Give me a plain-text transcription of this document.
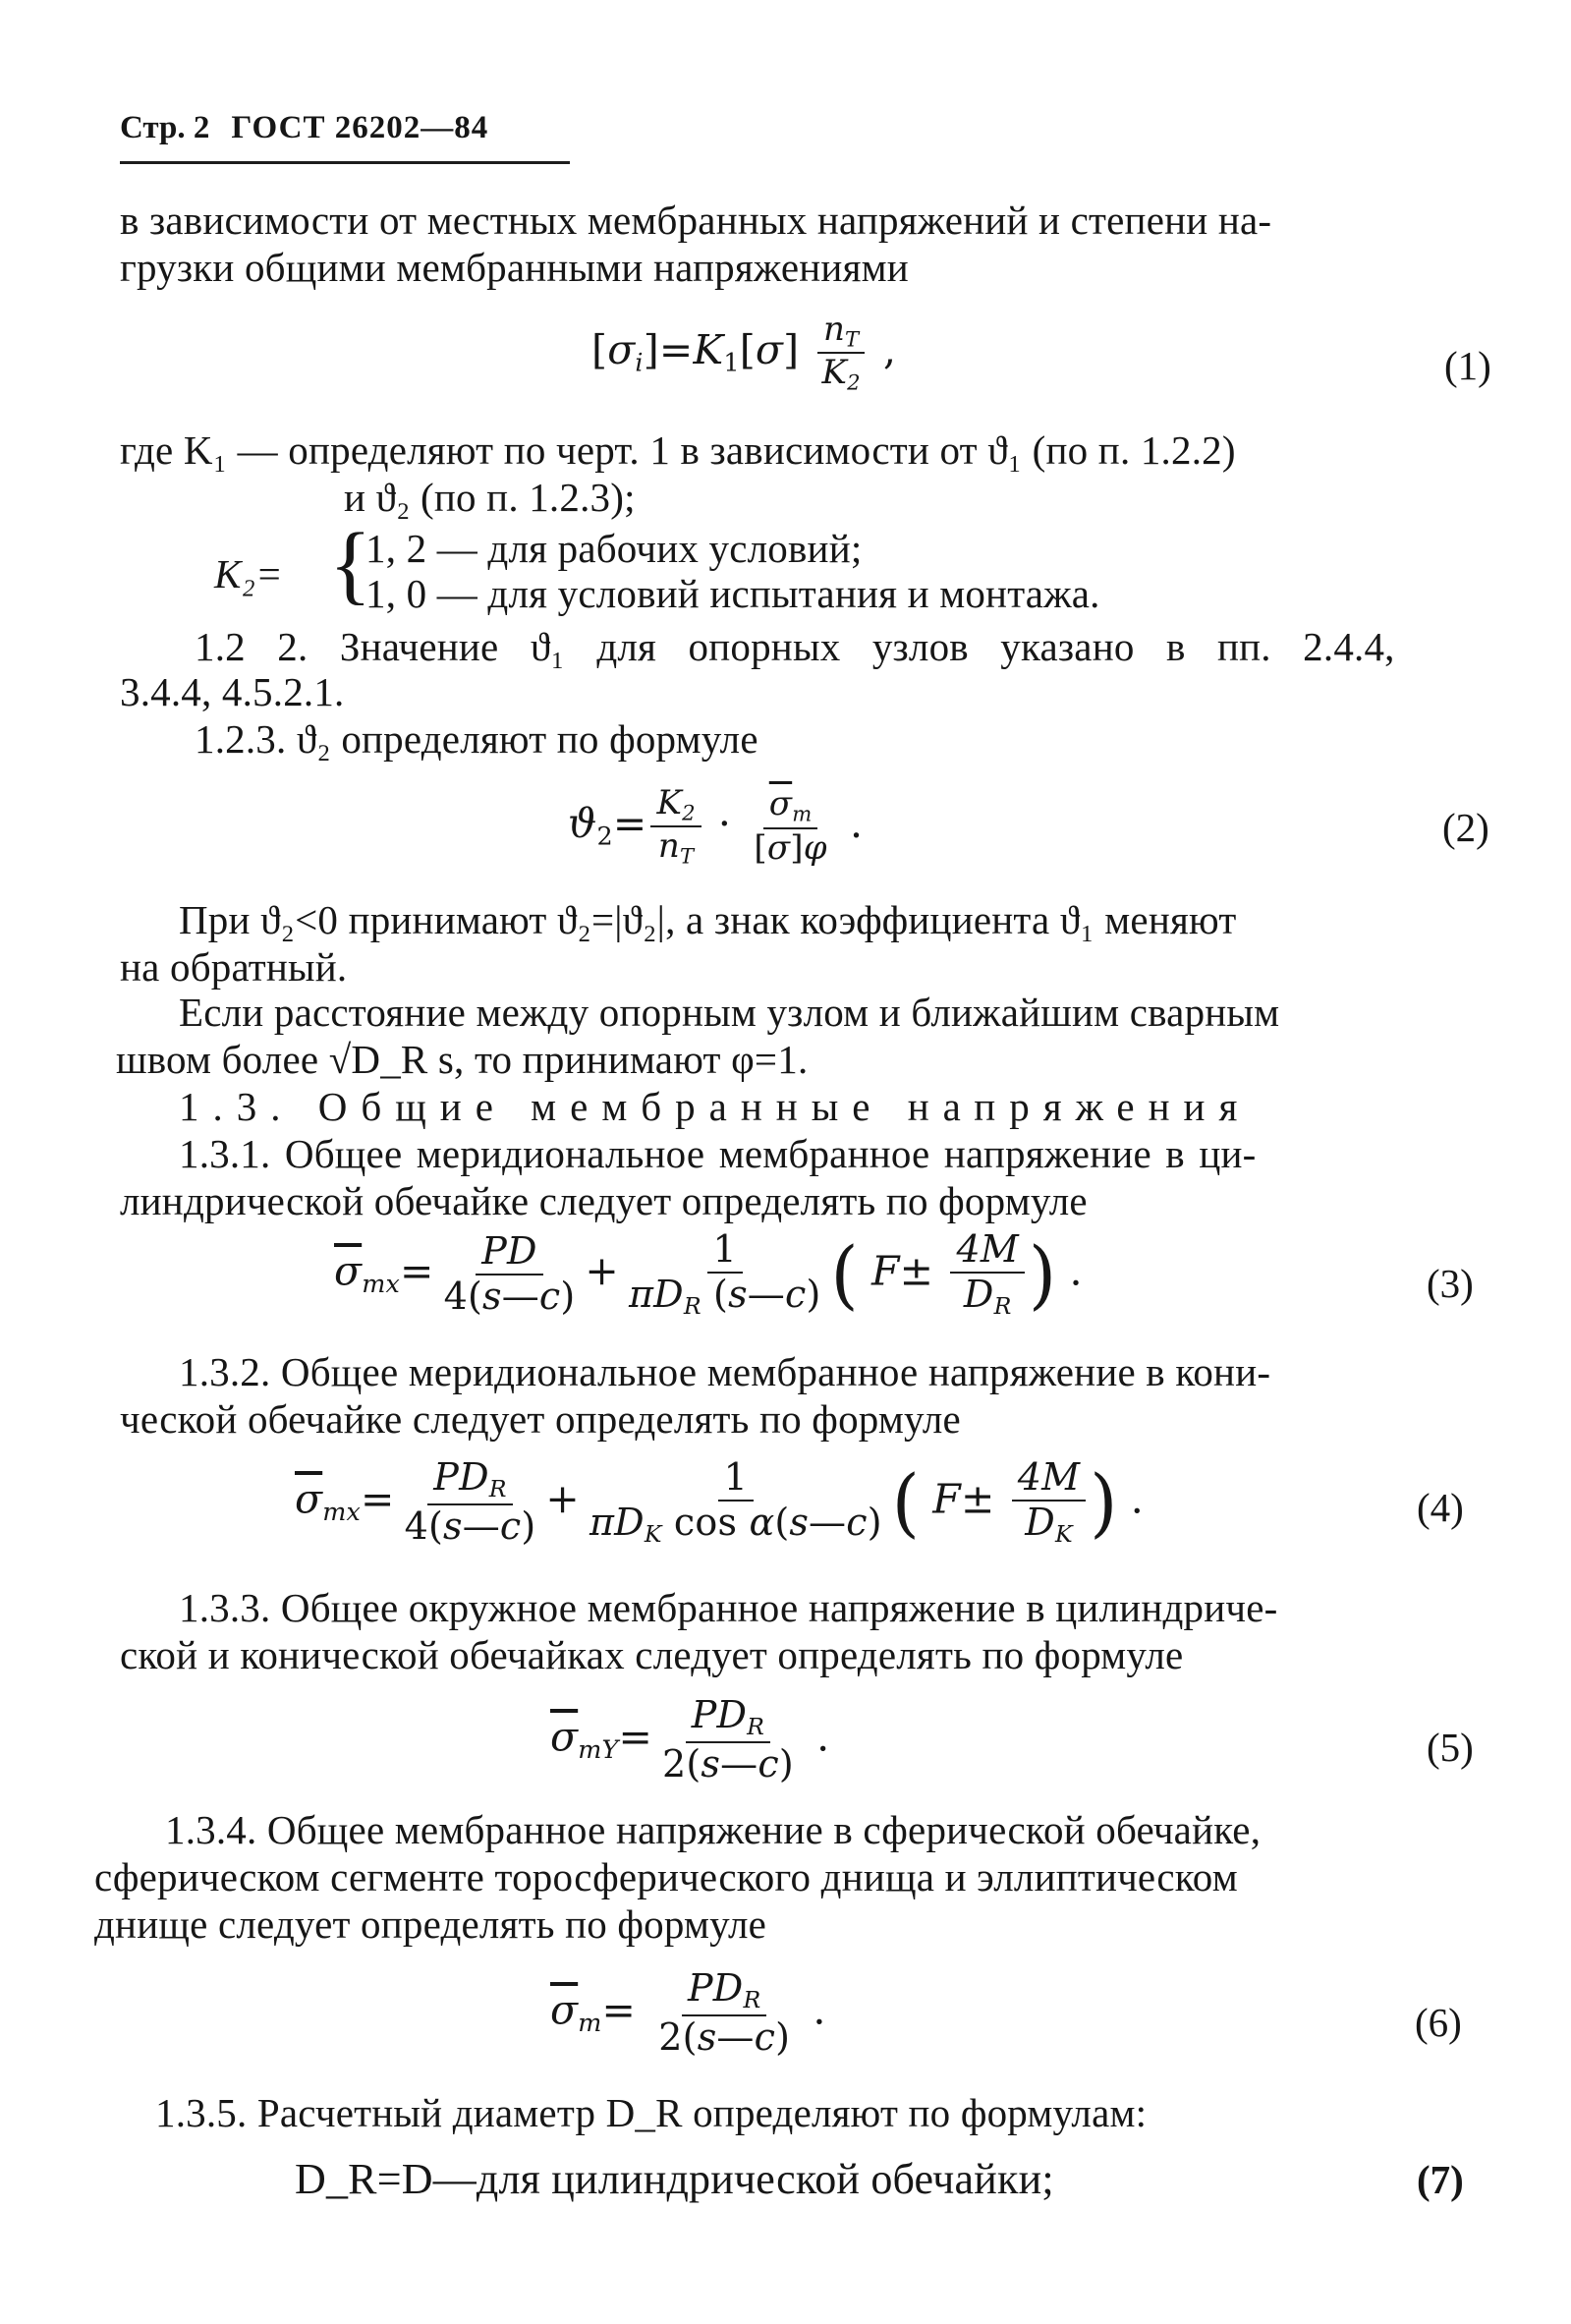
Стр. 2 ГОСТ 26202—84
в зависимости от местных мембранных напряжений и степени на-
грузки общими мембранными напряжениями
$[\sigma_i]=K_1[\sigma] \frac{n_T}{K_2}$ ,	(1)
где K₁ — определяют по черт. 1 в зависимости от ϑ₁ (по п. 1.2.2)
и ϑ₂ (по п. 1.2.3);
K₂= {
1, 2 — для рабочих условий;
1, 0 — для условий испытания и монтажа.
1.2 2. Значение ϑ₁ для опорных узлов указано в пп. 2.4.4,
3.4.4, 4.5.2.1.
1.2.3. ϑ₂ определяют по формуле
$ϑ_2= \frac{K_2}{n_T} \cdot \frac{\overline{\sigma}_m}{[\sigma]\varphi}$ .	(2)
При ϑ₂<0 принимают ϑ₂=|ϑ₂|, а знак коэффициента ϑ₁ меняют
на обратный.
Если расстояние между опорным узлом и ближайшим сварным
швом более √D_R s, то принимают φ=1.
1.3. Общие мембранные напряжения
1.3.1. Общее меридиональное мембранное напряжение в ци-
линдрической обечайке следует определять по формуле
$\overline{\sigma}_{mx}= \frac{PD}{4(s—c)} + \frac{1}{\pi D_R (s—c)}$ ( $F\pm \frac{4M}{D_R}$ ) .	(3)
1.3.2. Общее меридиональное мембранное напряжение в кони-
ческой обечайке следует определять по формуле
$\overline{\sigma}_{mx}= \frac{PD_R}{4(s—c)} + \frac{1}{\pi D_K \cos \alpha(s—c)}$ ( $F\pm \frac{4M}{D_K}$ ) .	(4)
1.3.3. Общее окружное мембранное напряжение в цилиндриче-
ской и конической обечайках следует определять по формуле
$\overline{\sigma}_{mY}= \frac{PD_R}{2(s—c)}$ .	(5)
1.3.4. Общее мембранное напряжение в сферической обечайке,
сферическом сегменте торосферического днища и эллиптическом
днище следует определять по формуле
$\overline{\sigma}_m= \frac{PD_R}{2(s—c)}$ .	(6)
1.3.5. Расчетный диаметр D_R определяют по формулам:
D_R=D—для цилиндрической обечайки;	(7)
